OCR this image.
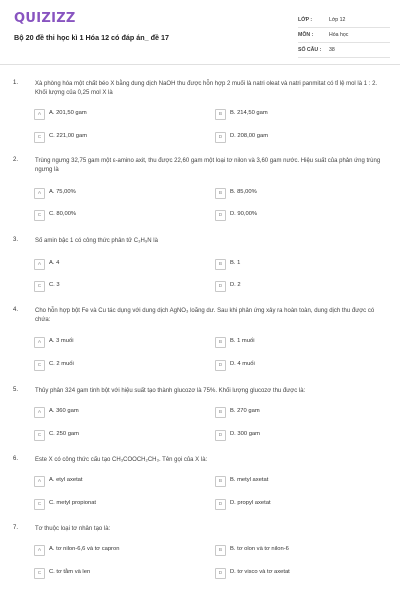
QUIZIZZ
Bộ 20 đề thi học kì 1 Hóa 12 có đáp án_ đề 17
LỚP :	Lớp 12
MÔN :	Hóa học
SỐ CÂU :	38
1.	Xà phòng hóa một chất béo X bằng dung dịch NaOH thu được hỗn hợp 2 muối là natri oleat và natri panmitat có tỉ lệ mol là 1 : 2. Khối lượng của 0,25 mol X là
A	A. 201,50 gam	B	B. 214,50 gam
C	C. 221,00 gam	D	D. 208,00 gam
2.	Trùng ngưng 32,75 gam một ε-amino axit, thu được 22,60 gam một loại tơ nilon và 3,60 gam nước. Hiệu suất của phản ứng trùng ngưng là
A	A. 75,00%	B	B. 85,00%
C	C. 80,00%	D	D. 90,00%
3.	Số amin bậc 1 có công thức phân tử C₃H₉N là
A	A. 4	B	B. 1
C	C. 3	D	D. 2
4.	Cho hỗn hợp bột Fe và Cu tác dụng với dung dịch AgNO₃ loãng dư. Sau khi phản ứng xảy ra hoàn toàn, dung dịch thu được có chứa:
A	A. 3 muối	B	B. 1 muối
C	C. 2 muối	D	D. 4 muối
5.	Thủy phân 324 gam tinh bột với hiệu suất tạo thành glucozơ là 75%. Khối lượng glucozơ thu được là:
A	A. 360 gam	B	B. 270 gam
C	C. 250 gam	D	D. 300 gam
6.	Este X có công thức cấu tạo CH₃COOCH₂CH₃. Tên gọi của X là:
A	A. etyl axetat	B	B. metyl axetat
C	C. metyl propionat	D	D. propyl axetat
7.	Tơ thuộc loại tơ nhân tạo là:
A	A. tơ nilon-6,6 và tơ capron	B	B. tơ olon và tơ nilon-6
C	C. tơ tằm và len	D	D. tơ visco và tơ axetat
